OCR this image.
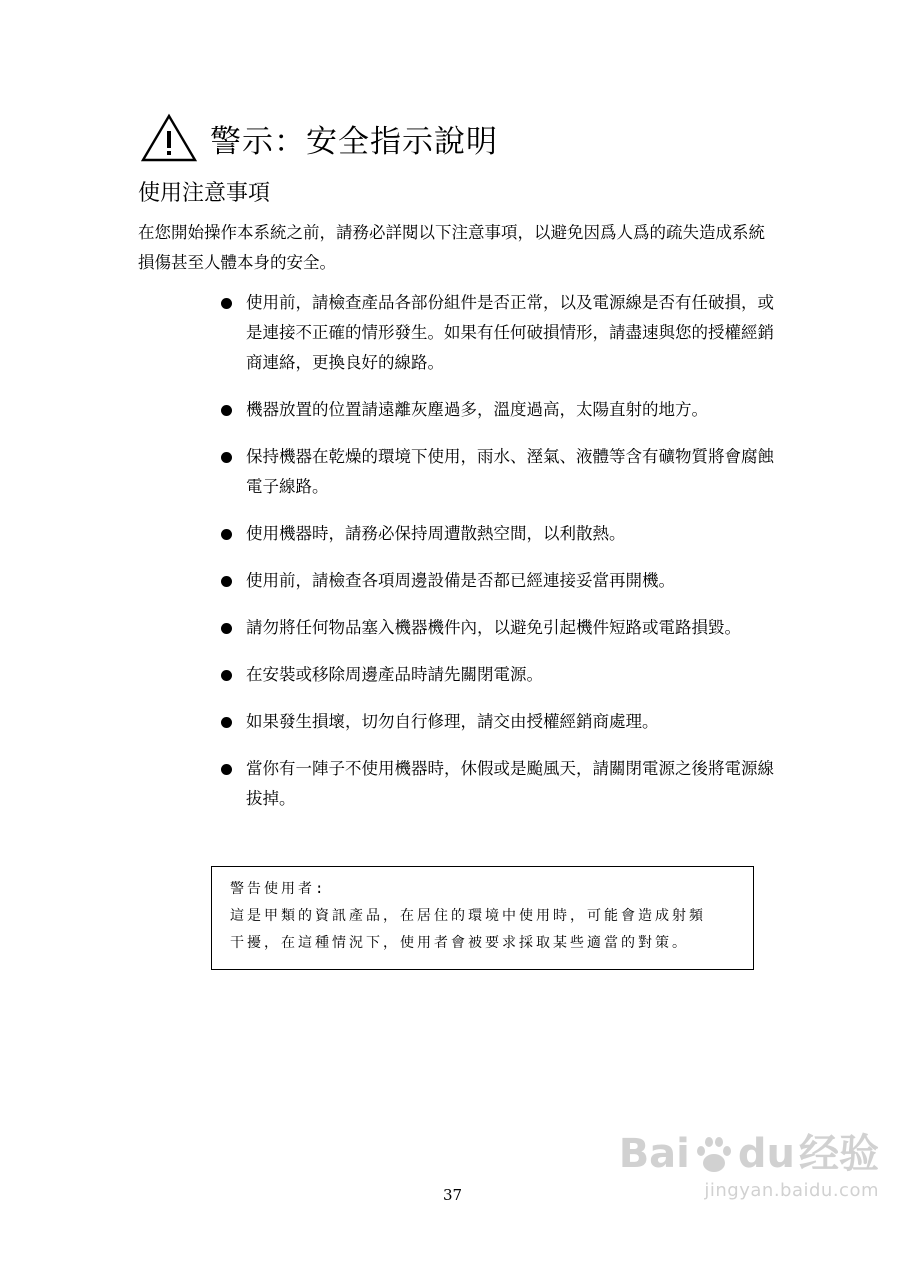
警示：安全指示說明
使用注意事項
在您開始操作本系統之前，請務必詳閱以下注意事項，以避免因爲人爲的疏失造成系統損傷甚至人體本身的安全。
使用前，請檢查產品各部份組件是否正常，以及電源線是否有任破損，或是連接不正確的情形發生。如果有任何破損情形，請盡速與您的授權經銷商連絡，更換良好的線路。
機器放置的位置請遠離灰塵過多，溫度過高，太陽直射的地方。
保持機器在乾燥的環境下使用，雨水、溼氣、液體等含有礦物質將會腐蝕電子線路。
使用機器時，請務必保持周遭散熱空間，以利散熱。
使用前，請檢查各項周邊設備是否都已經連接妥當再開機。
請勿將任何物品塞入機器機件內，以避免引起機件短路或電路損毀。
在安裝或移除周邊產品時請先關閉電源。
如果發生損壞，切勿自行修理，請交由授權經銷商處理。
當你有一陣子不使用機器時，休假或是颱風天，請關閉電源之後將電源線拔掉。
警告使用者:
這是甲類的資訊產品，在居住的環境中使用時，可能會造成射頻
干擾，在這種情況下，使用者會被要求採取某些適當的對策。
37
Bai du 经验
jingyan.baidu.com
